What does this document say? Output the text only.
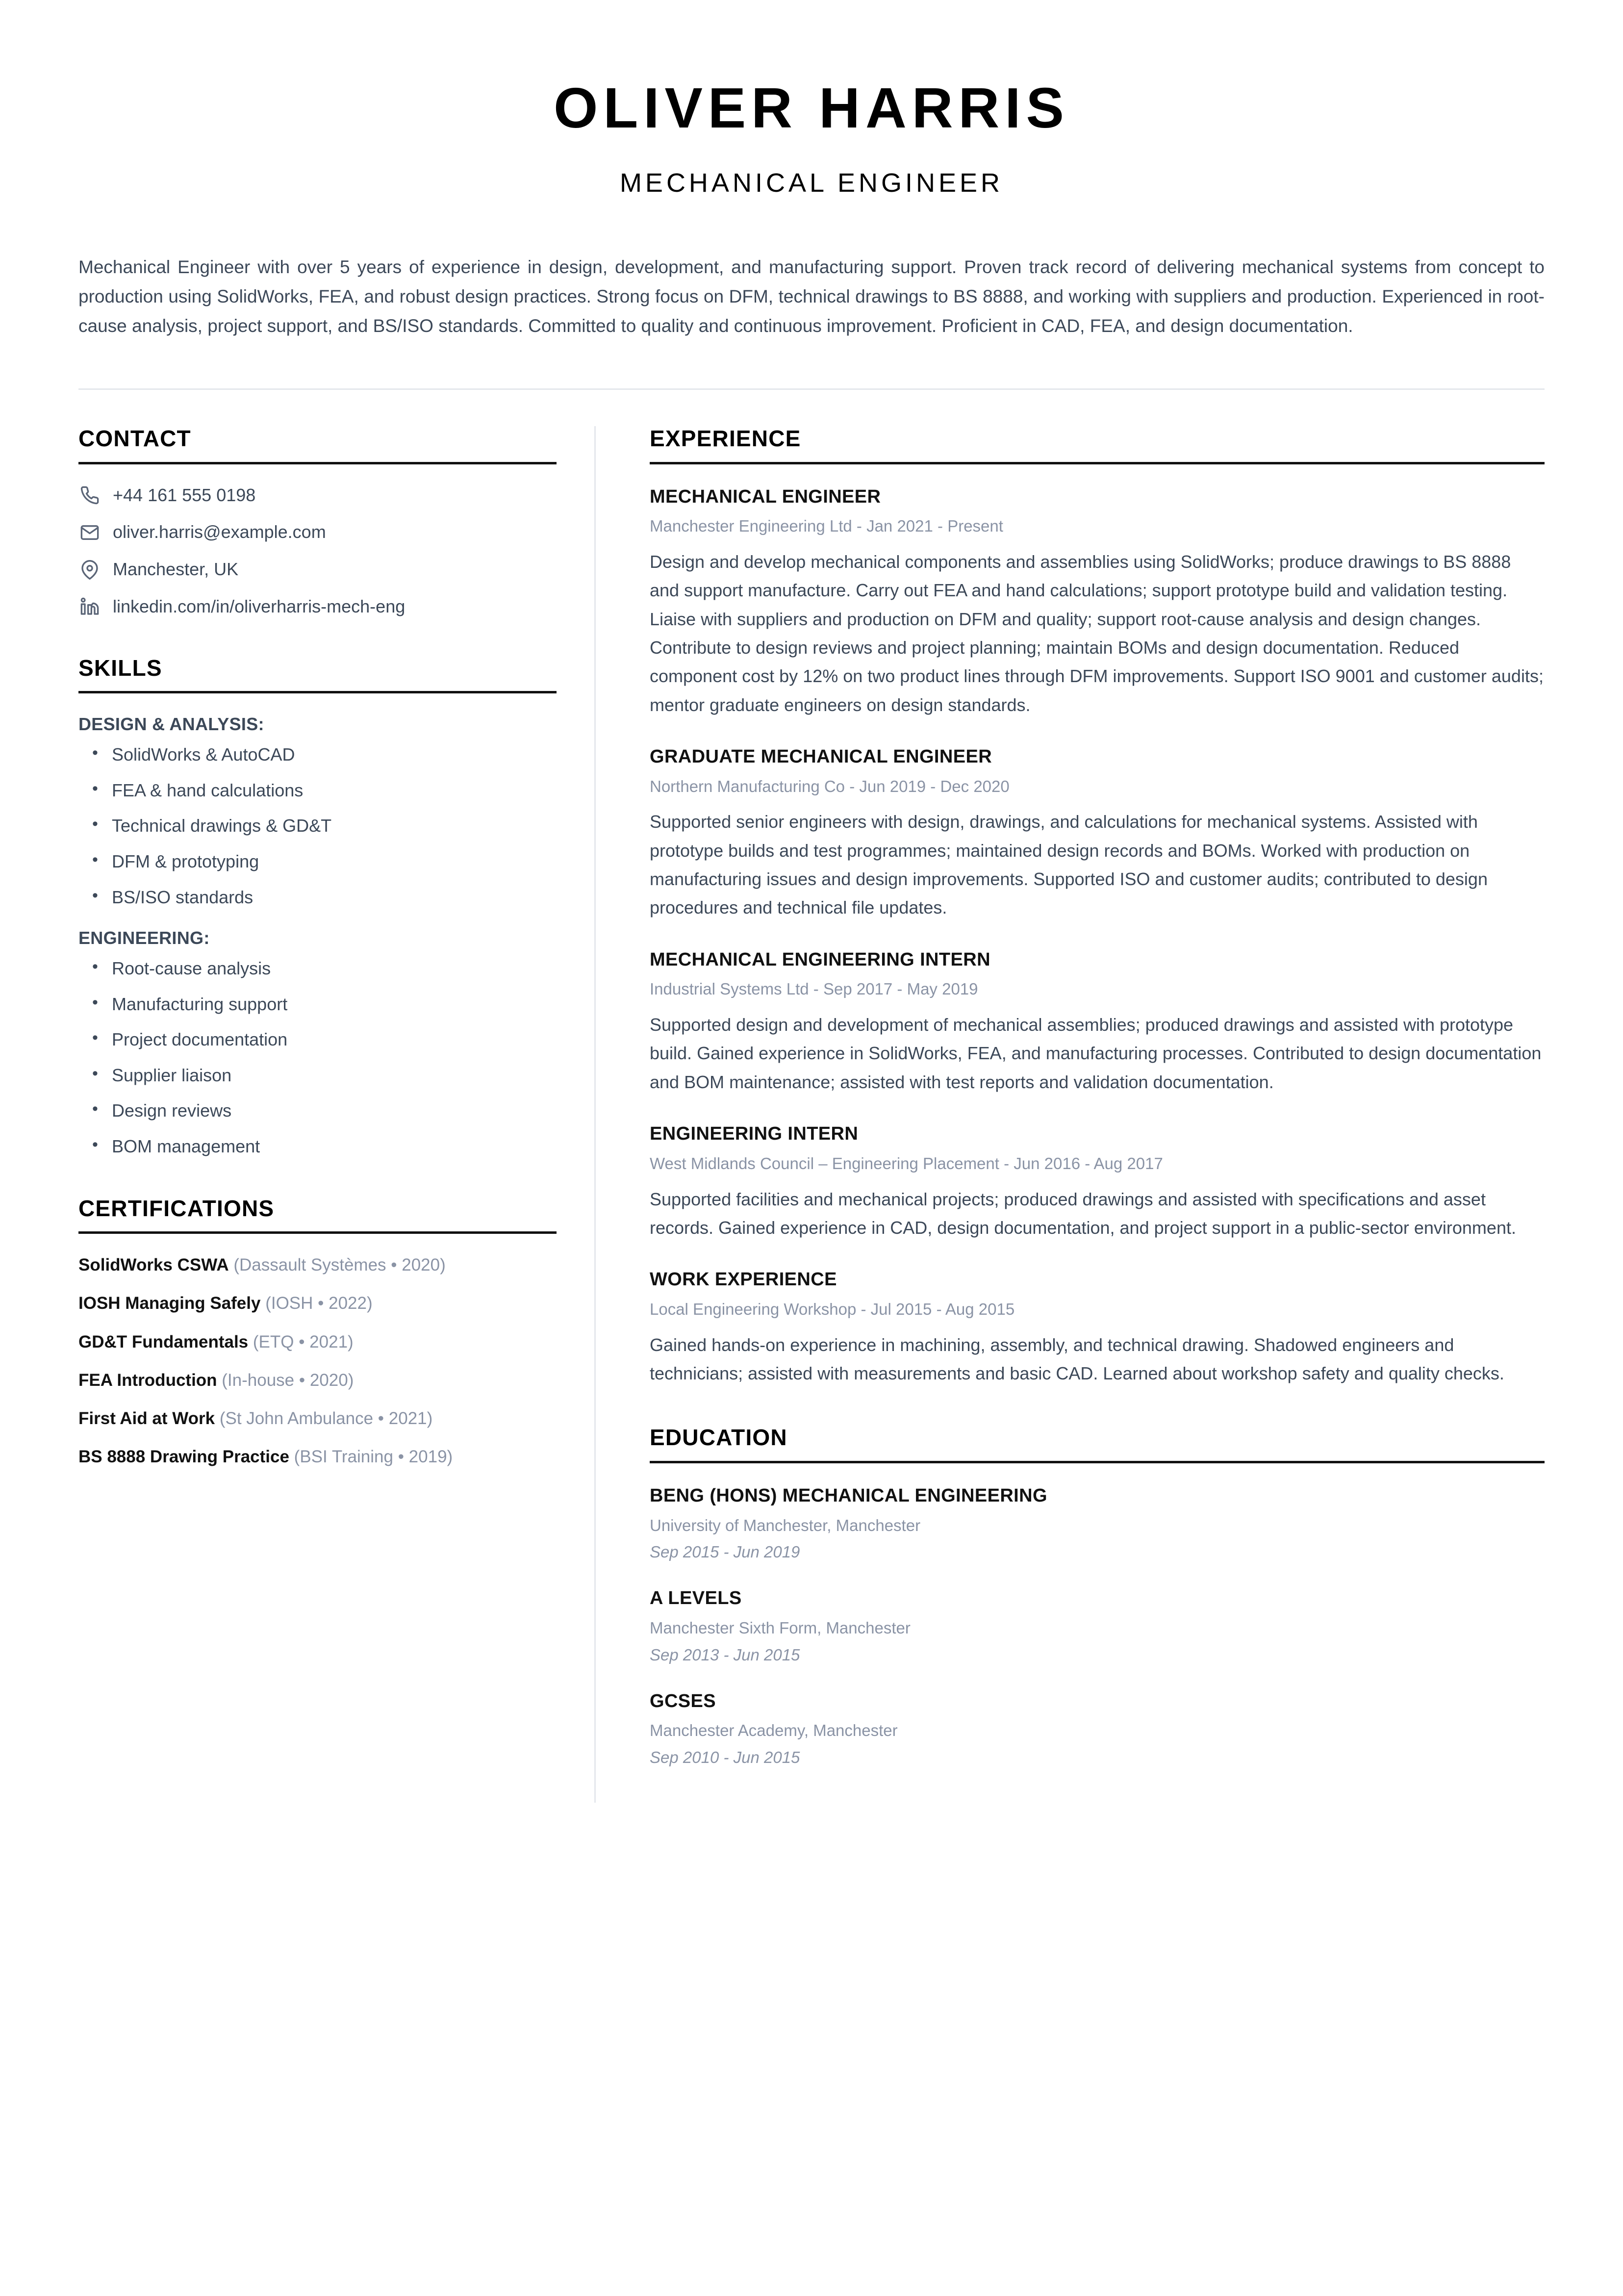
OLIVER HARRIS
MECHANICAL ENGINEER

Mechanical Engineer with over 5 years of experience in design, development, and manufacturing support. Proven track record of delivering mechanical systems from concept to production using SolidWorks, FEA, and robust design practices. Strong focus on DFM, technical drawings to BS 8888, and working with suppliers and production. Experienced in root-cause analysis, project support, and BS/ISO standards. Committed to quality and continuous improvement. Proficient in CAD, FEA, and design documentation.

CONTACT
+44 161 555 0198
oliver.harris@example.com
Manchester, UK
linkedin.com/in/oliverharris-mech-eng
SKILLS
DESIGN & ANALYSIS:
• SolidWorks & AutoCAD
• FEA & hand calculations
• Technical drawings & GD&T
• DFM & prototyping
• BS/ISO standards
ENGINEERING:
• Root-cause analysis
• Manufacturing support
• Project documentation
• Supplier liaison
• Design reviews
• BOM management
CERTIFICATIONS
SolidWorks CSWA (Dassault Systèmes • 2020)
IOSH Managing Safely (IOSH • 2022)
GD&T Fundamentals (ETQ • 2021)
FEA Introduction (In-house • 2020)
First Aid at Work (St John Ambulance • 2021)
BS 8888 Drawing Practice (BSI Training • 2019)
EXPERIENCE
MECHANICAL ENGINEER
Manchester Engineering Ltd - Jan 2021 - Present

Design and develop mechanical components and assemblies using SolidWorks; produce drawings to BS 8888 and support manufacture. Carry out FEA and hand calculations; support prototype build and validation testing. Liaise with suppliers and production on DFM and quality; support root-cause analysis and design changes. Contribute to design reviews and project planning; maintain BOMs and design documentation. Reduced component cost by 12% on two product lines through DFM improvements. Support ISO 9001 and customer audits; mentor graduate engineers on design standards.

GRADUATE MECHANICAL ENGINEER
Northern Manufacturing Co - Jun 2019 - Dec 2020

Supported senior engineers with design, drawings, and calculations for mechanical systems. Assisted with prototype builds and test programmes; maintained design records and BOMs. Worked with production on manufacturing issues and design improvements. Supported ISO and customer audits; contributed to design procedures and technical file updates.

MECHANICAL ENGINEERING INTERN
Industrial Systems Ltd - Sep 2017 - May 2019

Supported design and development of mechanical assemblies; produced drawings and assisted with prototype build. Gained experience in SolidWorks, FEA, and manufacturing processes. Contributed to design documentation and BOM maintenance; assisted with test reports and validation documentation.

ENGINEERING INTERN
West Midlands Council – Engineering Placement - Jun 2016 - Aug 2017

Supported facilities and mechanical projects; produced drawings and assisted with specifications and asset records. Gained experience in CAD, design documentation, and project support in a public-sector environment.

WORK EXPERIENCE
Local Engineering Workshop - Jul 2015 - Aug 2015

Gained hands-on experience in machining, assembly, and technical drawing. Shadowed engineers and technicians; assisted with measurements and basic CAD. Learned about workshop safety and quality checks.

EDUCATION
BENG (HONS) MECHANICAL ENGINEERING
University of Manchester, Manchester
Sep 2015 - Jun 2019
A LEVELS
Manchester Sixth Form, Manchester
Sep 2013 - Jun 2015
GCSES
Manchester Academy, Manchester
Sep 2010 - Jun 2015
